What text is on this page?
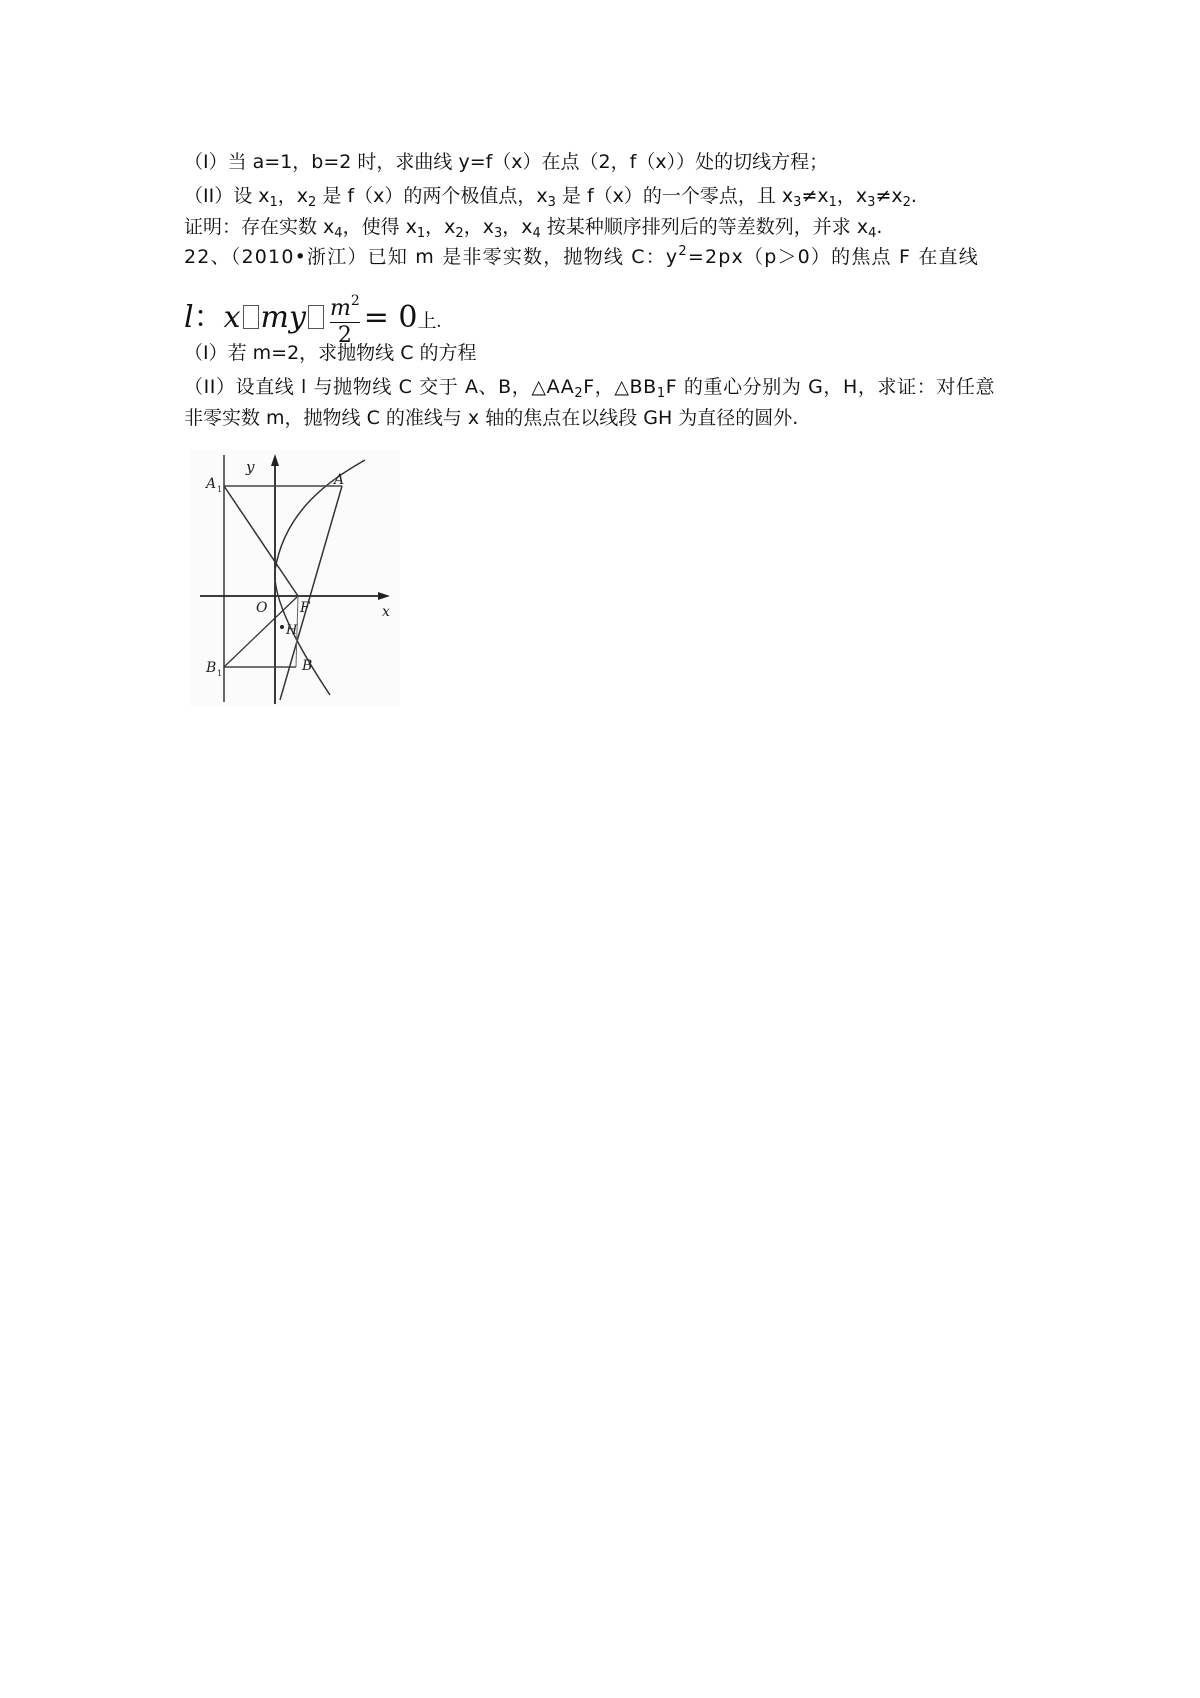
（I）当 a=1，b=2 时，求曲线 y=f（x）在点（2，f（x））处的切线方程；
（II）设 $x_1$，$x_2$ 是 f（x）的两个极值点，$x_3$ 是 f（x）的一个零点，且 $x_3\ne x_1$，$x_3\ne x_2$.
证明：存在实数 $x_4$，使得 $x_1$，$x_2$，$x_3$，$x_4$ 按某种顺序排列后的等差数列，并求 $x_4$.
22、（2010•浙江）已知 m 是非零实数，抛物线 C：$y^2=2px(p>0)$的焦点 F 在直线
l：x my $\frac{m^2}{2} = 0$上.
（I）若 m=2，求抛物线 C 的方程
（II）设直线 l 与抛物线 C 交于 A、B，$\triangle AA_2F$，$\triangle BB_1F$ 的重心分别为 G，H，求证：对任意
非零实数 m，抛物线 C 的准线与 x 轴的焦点在以线段 GH 为直径的圆外.
y
x
O F
A
A 1
B
B 1
H
